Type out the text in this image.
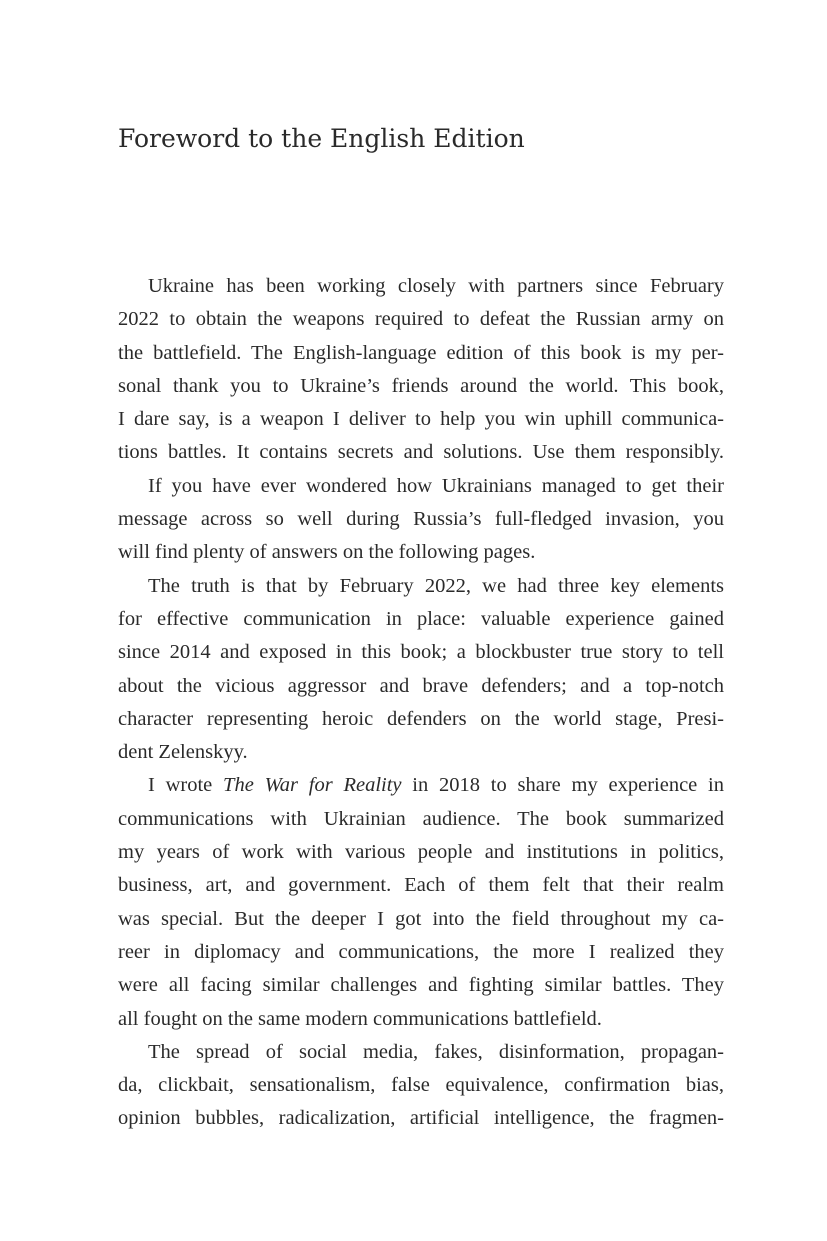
Foreword to the English Edition
Ukraine has been working closely with partners since February
2022 to obtain the weapons required to defeat the Russian army on
the battlefield. The English-language edition of this book is my per-
sonal thank you to Ukraine’s friends around the world. This book,
I dare say, is a weapon I deliver to help you win uphill communica-
tions battles. It contains secrets and solutions. Use them responsibly.
If you have ever wondered how Ukrainians managed to get their
message across so well during Russia’s full-fledged invasion, you
will find plenty of answers on the following pages.
The truth is that by February 2022, we had three key elements
for effective communication in place: valuable experience gained
since 2014 and exposed in this book; a blockbuster true story to tell
about the vicious aggressor and brave defenders; and a top-notch
character representing heroic defenders on the world stage, Presi-
dent Zelenskyy.
I wrote The War for Reality in 2018 to share my experience in
communications with Ukrainian audience. The book summarized
my years of work with various people and institutions in politics,
business, art, and government. Each of them felt that their realm
was special. But the deeper I got into the field throughout my ca-
reer in diplomacy and communications, the more I realized they
were all facing similar challenges and fighting similar battles. They
all fought on the same modern communications battlefield.
The spread of social media, fakes, disinformation, propagan-
da, clickbait, sensationalism, false equivalence, confirmation bias,
opinion bubbles, radicalization, artificial intelligence, the fragmen-
